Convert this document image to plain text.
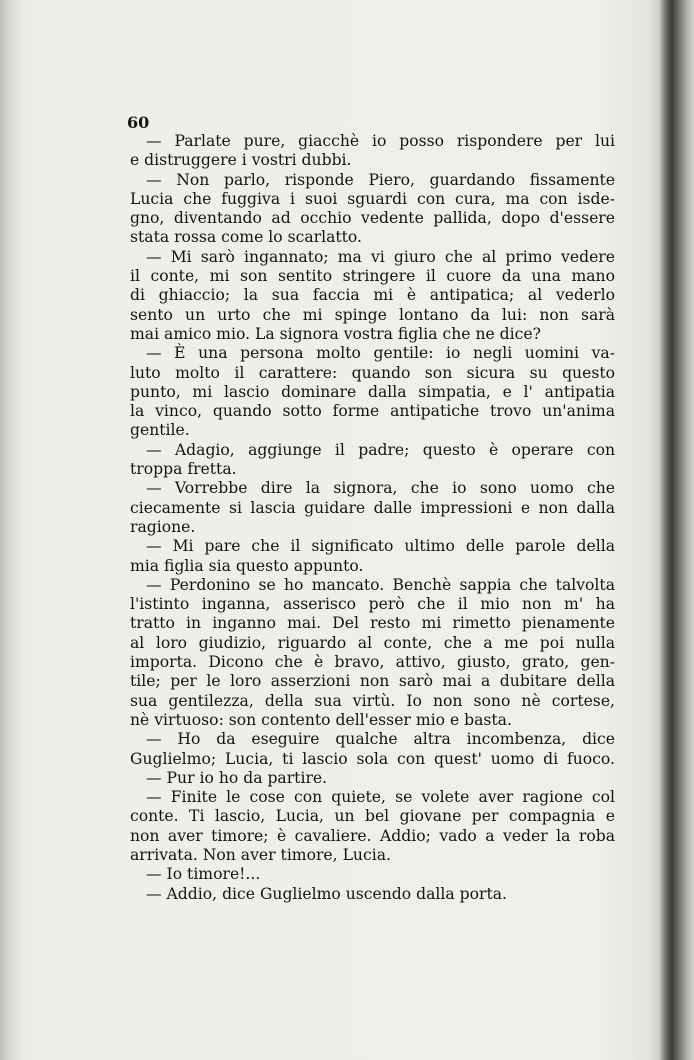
60
— Parlate pure, giacchè io posso rispondere per lui
e distruggere i vostri dubbi.
— Non parlo, risponde Piero, guardando fissamente
Lucia che fuggiva i suoi sguardi con cura, ma con isde-
gno, diventando ad occhio vedente pallida, dopo d'essere
stata rossa come lo scarlatto.
— Mi sarò ingannato; ma vi giuro che al primo vedere
il conte, mi son sentito stringere il cuore da una mano
di ghiaccio; la sua faccia mi è antipatica; al vederlo
sento un urto che mi spinge lontano da lui: non sarà
mai amico mio. La signora vostra figlia che ne dice?
— È una persona molto gentile: io negli uomini va-
luto molto il carattere: quando son sicura su questo
punto, mi lascio dominare dalla simpatia, e l' antipatia
la vinco, quando sotto forme antipatiche trovo un'anima
gentile.
— Adagio, aggiunge il padre; questo è operare con
troppa fretta.
— Vorrebbe dire la signora, che io sono uomo che
ciecamente si lascia guidare dalle impressioni e non dalla
ragione.
— Mi pare che il significato ultimo delle parole della
mia figlia sia questo appunto.
— Perdonino se ho mancato. Benchè sappia che talvolta
l'istinto inganna, asserisco però che il mio non m' ha
tratto in inganno mai. Del resto mi rimetto pienamente
al loro giudizio, riguardo al conte, che a me poi nulla
importa. Dicono che è bravo, attivo, giusto, grato, gen-
tile; per le loro asserzioni non sarò mai a dubitare della
sua gentilezza, della sua virtù. Io non sono nè cortese,
nè virtuoso: son contento dell'esser mio e basta.
— Ho da eseguire qualche altra incombenza, dice
Guglielmo; Lucia, ti lascio sola con quest' uomo di fuoco.
— Pur io ho da partire.
— Finite le cose con quiete, se volete aver ragione col
conte. Ti lascio, Lucia, un bel giovane per compagnia e
non aver timore; è cavaliere. Addio; vado a veder la roba
arrivata. Non aver timore, Lucia.
— Io timore!...
— Addio, dice Guglielmo uscendo dalla porta.
